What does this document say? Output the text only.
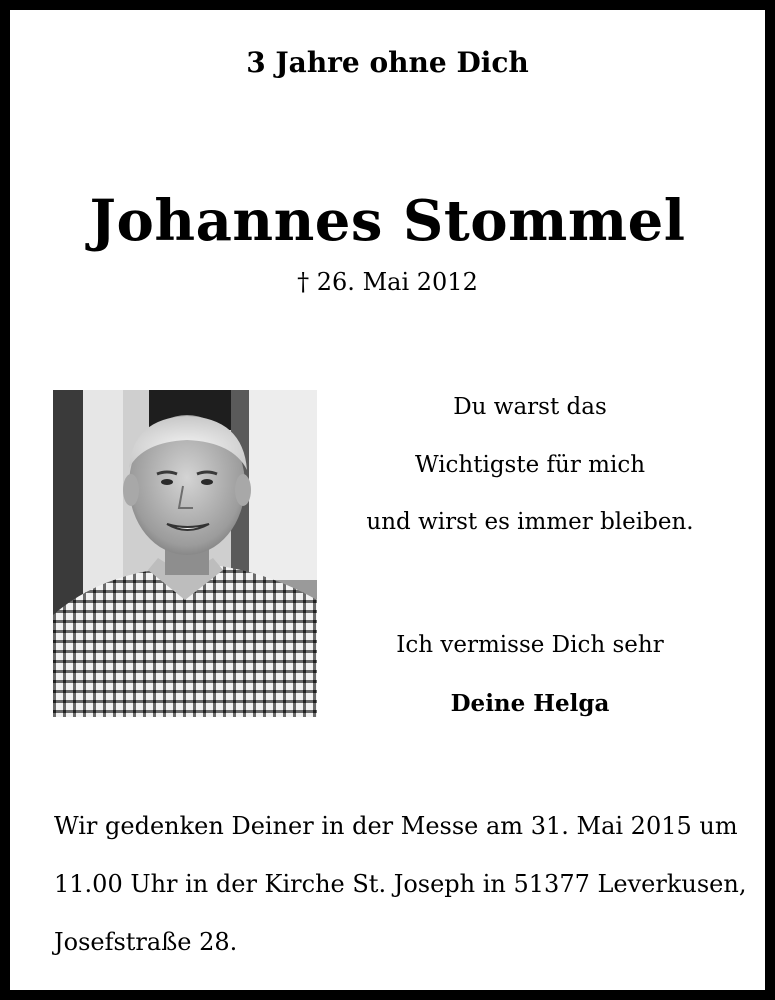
3 Jahre ohne Dich
Johannes Stommel
† 26. Mai 2012
Du warst das
Wichtigste für mich
und wirst es immer bleiben.
Ich vermisse Dich sehr
Deine Helga
Wir gedenken Deiner in der Messe am 31. Mai 2015 um
11.00 Uhr in der Kirche St. Joseph in 51377 Leverkusen,
Josefstraße 28.
